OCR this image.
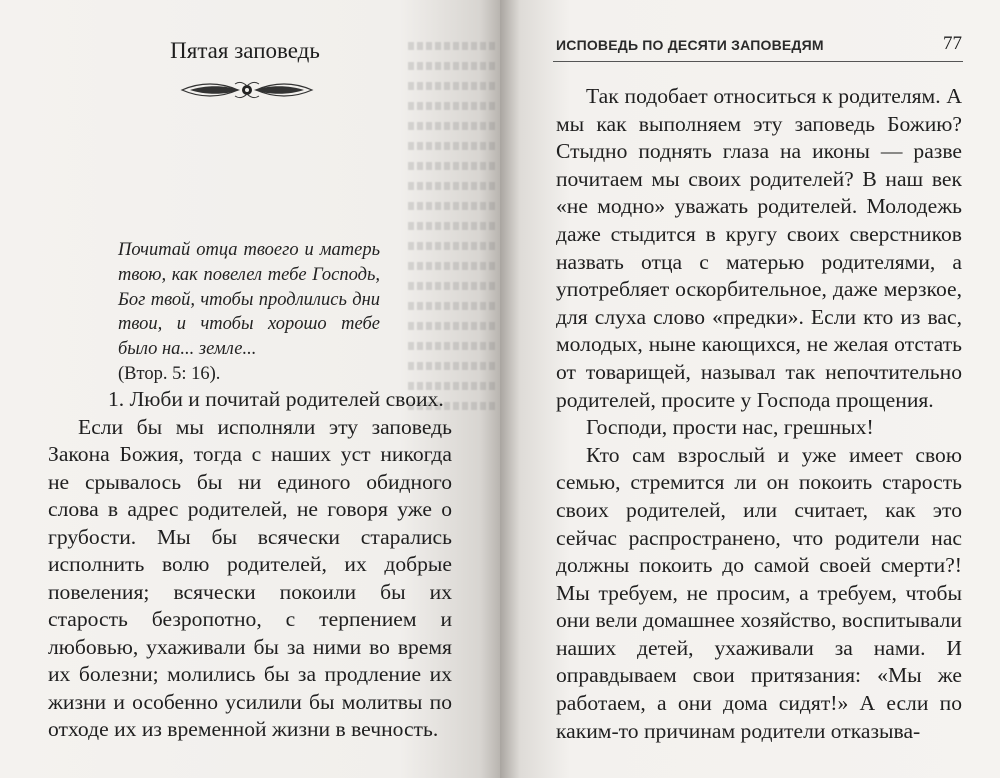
Пятая заповедь
Почитай отца твоего и матерь твою, как повелел тебе Господь, Бог твой, чтобы продлились дни твои, и чтобы хорошо тебе было на... земле...
(Втор. 5: 16).

1. Люби и почитай родителей своих.

Если бы мы исполняли эту заповедь Закона Божия, тогда с наших уст никогда не срывалось бы ни единого обидного слова в адрес родителей, не говоря уже о грубости. Мы бы всячески старались исполнить волю родителей, их добрые повеления; всячески покоили бы их старость безропотно, с терпением и любовью, ухаживали бы за ними во время их болезни; молились бы за продление их жизни и особенно усилили бы молитвы по отходе их из временной жизни в вечность.

ИСПОВЕДЬ ПО ДЕСЯТИ ЗАПОВЕДЯМ	77

Так подобает относиться к родителям. А мы как выполняем эту заповедь Божию? Стыдно поднять глаза на иконы — разве почитаем мы своих родителей? В наш век «не модно» уважать родителей. Молодежь даже стыдится в кругу своих сверстников назвать отца с матерью родителями, а употребляет оскорбительное, даже мерзкое, для слуха слово «предки». Если кто из вас, молодых, ныне кающихся, не желая отстать от товарищей, называл так непочтительно родителей, просите у Господа прощения.

Господи, прости нас, грешных!

Кто сам взрослый и уже имеет свою семью, стремится ли он покоить старость своих родителей, или считает, как это сейчас распространено, что родители нас должны покоить до самой своей смерти?! Мы требуем, не просим, а требуем, чтобы они вели домашнее хозяйство, воспитывали наших детей, ухаживали за нами. И оправдываем свои притязания: «Мы же работаем, а они дома сидят!» А если по каким-то причинам родители отказыва-
